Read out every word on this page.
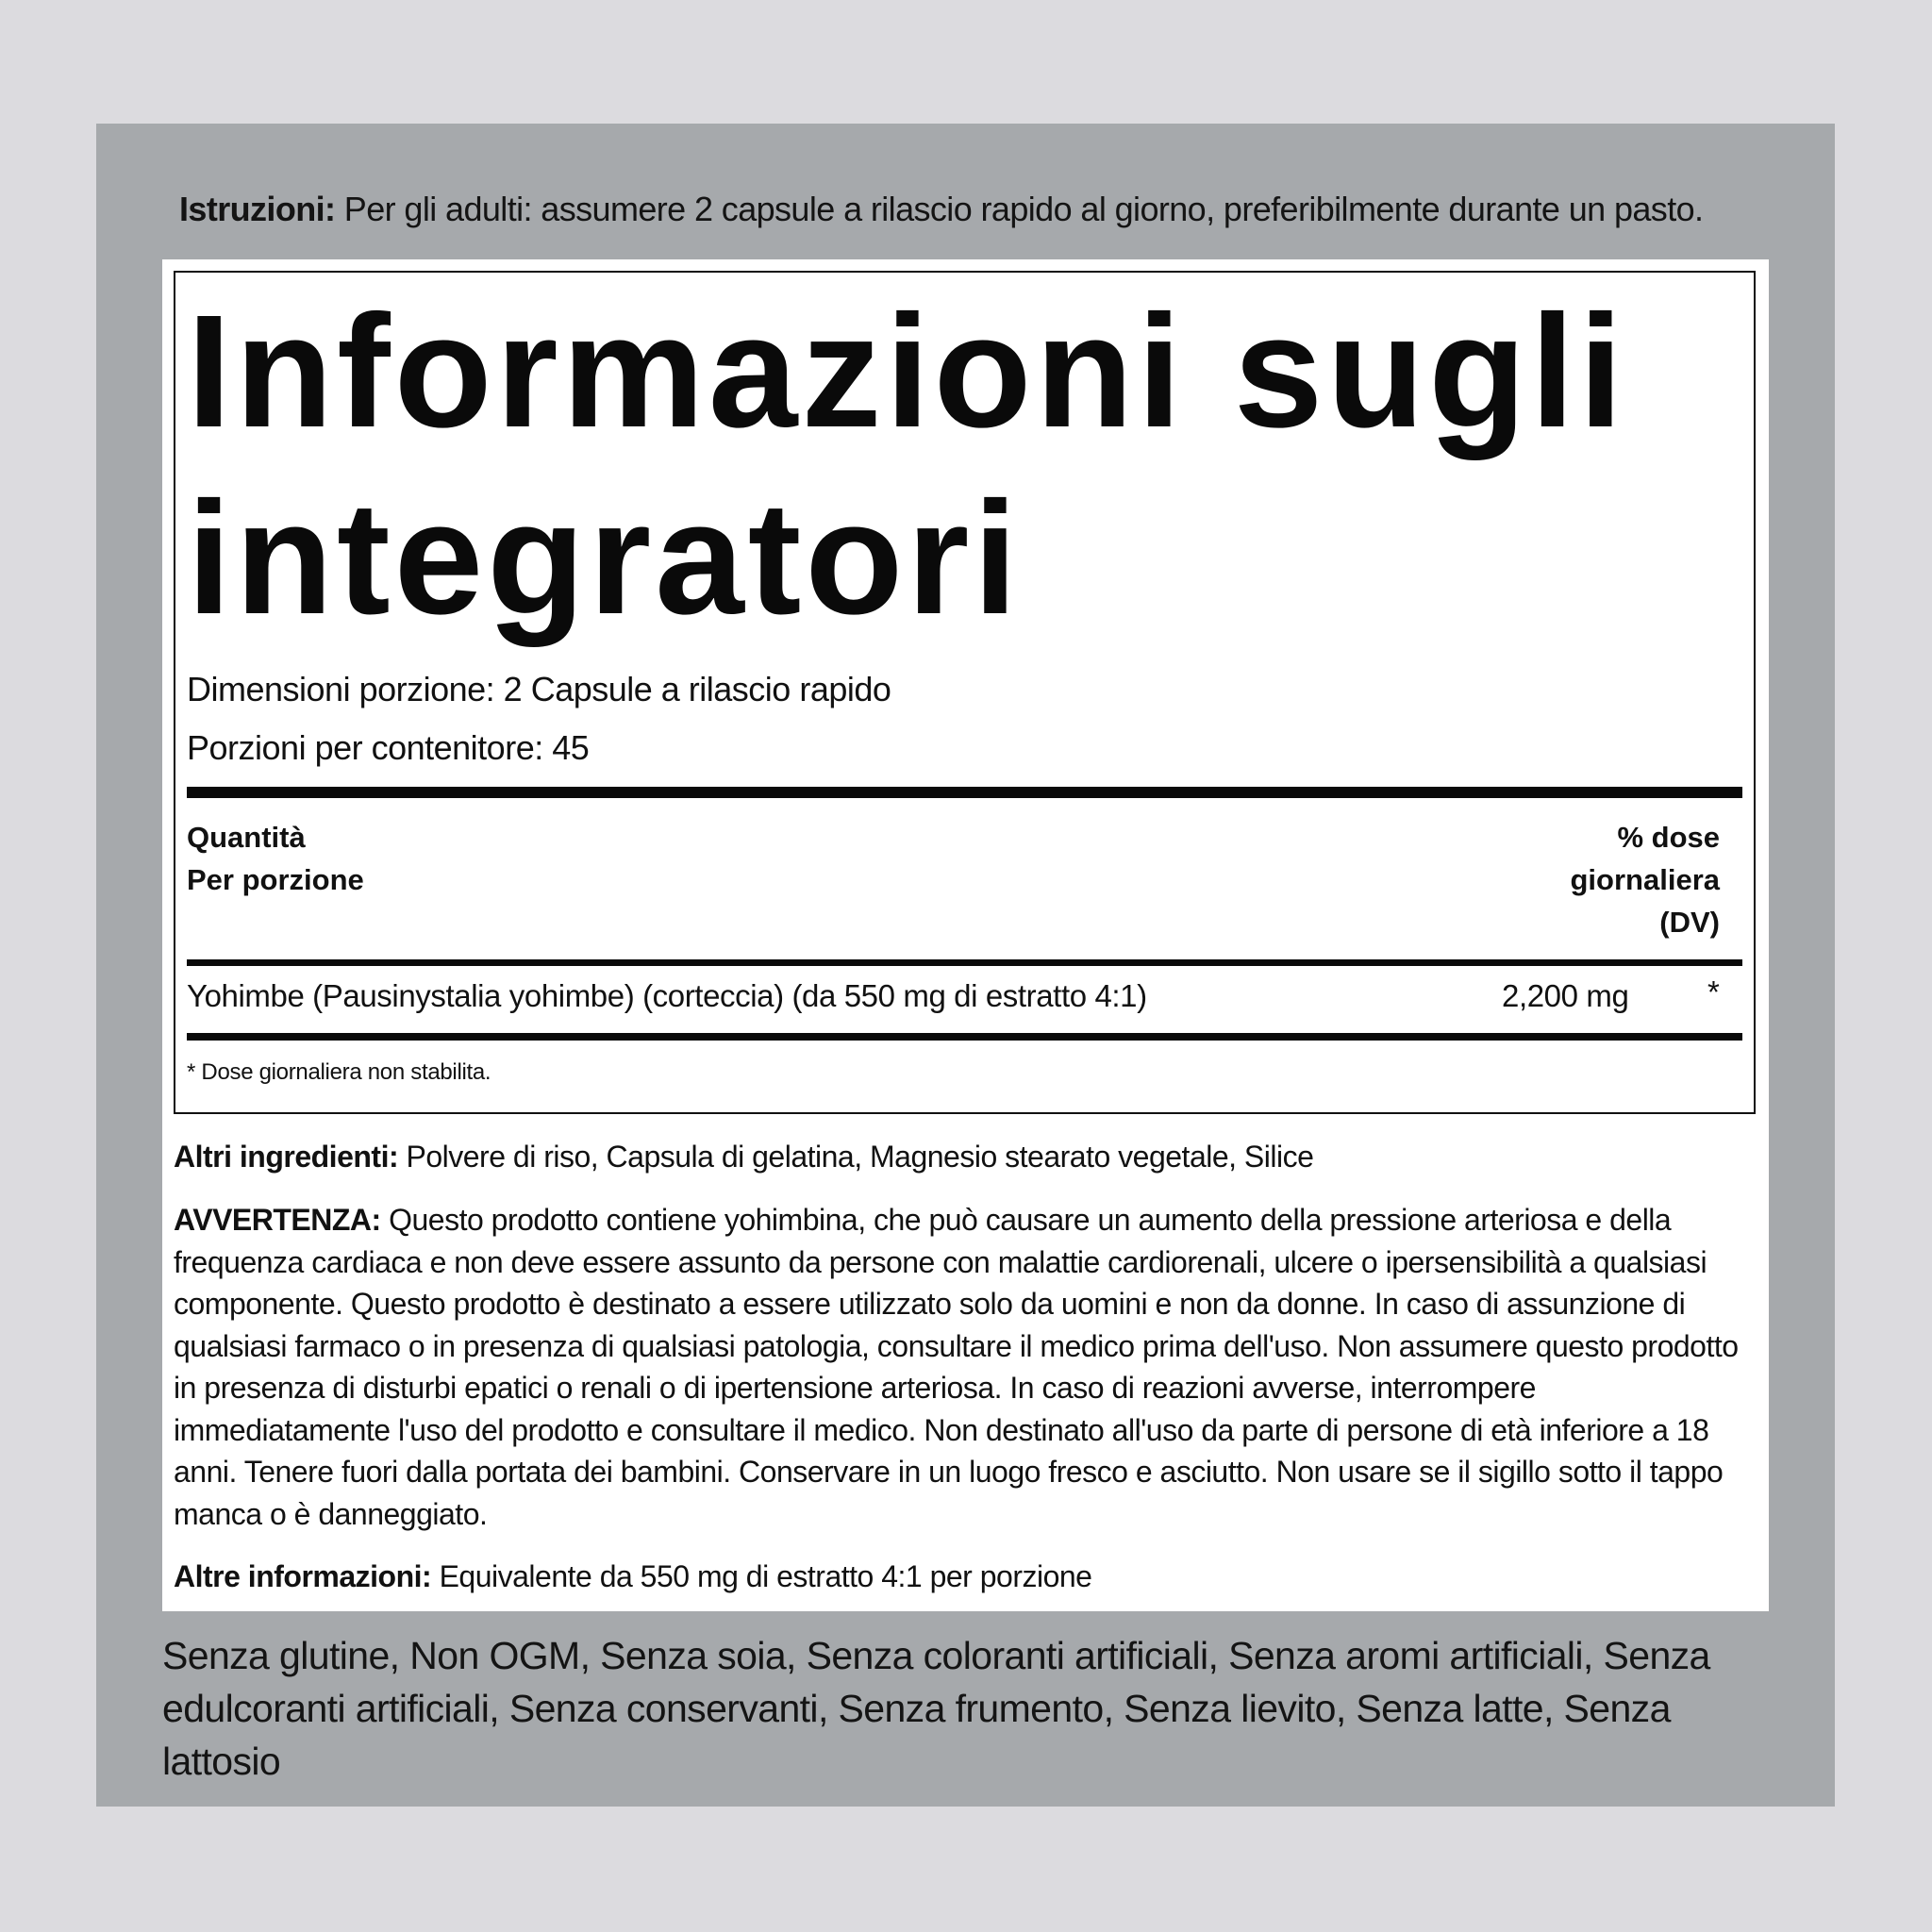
Istruzioni: Per gli adulti: assumere 2 capsule a rilascio rapido al giorno, preferibilmente durante un pasto.
Informazioni sugli integratori
Dimensioni porzione: 2 Capsule a rilascio rapido
Porzioni per contenitore: 45
Quantità
Per porzione
% dose
giornaliera
(DV)
Yohimbe (Pausinystalia yohimbe) (corteccia) (da 550 mg di estratto 4:1)	2,200 mg	*
* Dose giornaliera non stabilita.
Altri ingredienti: Polvere di riso, Capsula di gelatina, Magnesio stearato vegetale, Silice
AVVERTENZA: Questo prodotto contiene yohimbina, che può causare un aumento della pressione arteriosa e della frequenza cardiaca e non deve essere assunto da persone con malattie cardiorenali, ulcere o ipersensibilità a qualsiasi componente. Questo prodotto è destinato a essere utilizzato solo da uomini e non da donne. In caso di assunzione di qualsiasi farmaco o in presenza di qualsiasi patologia, consultare il medico prima dell'uso. Non assumere questo prodotto in presenza di disturbi epatici o renali o di ipertensione arteriosa. In caso di reazioni avverse, interrompere immediatamente l'uso del prodotto e consultare il medico. Non destinato all'uso da parte di persone di età inferiore a 18 anni. Tenere fuori dalla portata dei bambini. Conservare in un luogo fresco e asciutto. Non usare se il sigillo sotto il tappo manca o è danneggiato.
Altre informazioni: Equivalente da 550 mg di estratto 4:1 per porzione
Senza glutine, Non OGM, Senza soia, Senza coloranti artificiali, Senza aromi artificiali, Senza edulcoranti artificiali, Senza conservanti, Senza frumento, Senza lievito, Senza latte, Senza lattosio
